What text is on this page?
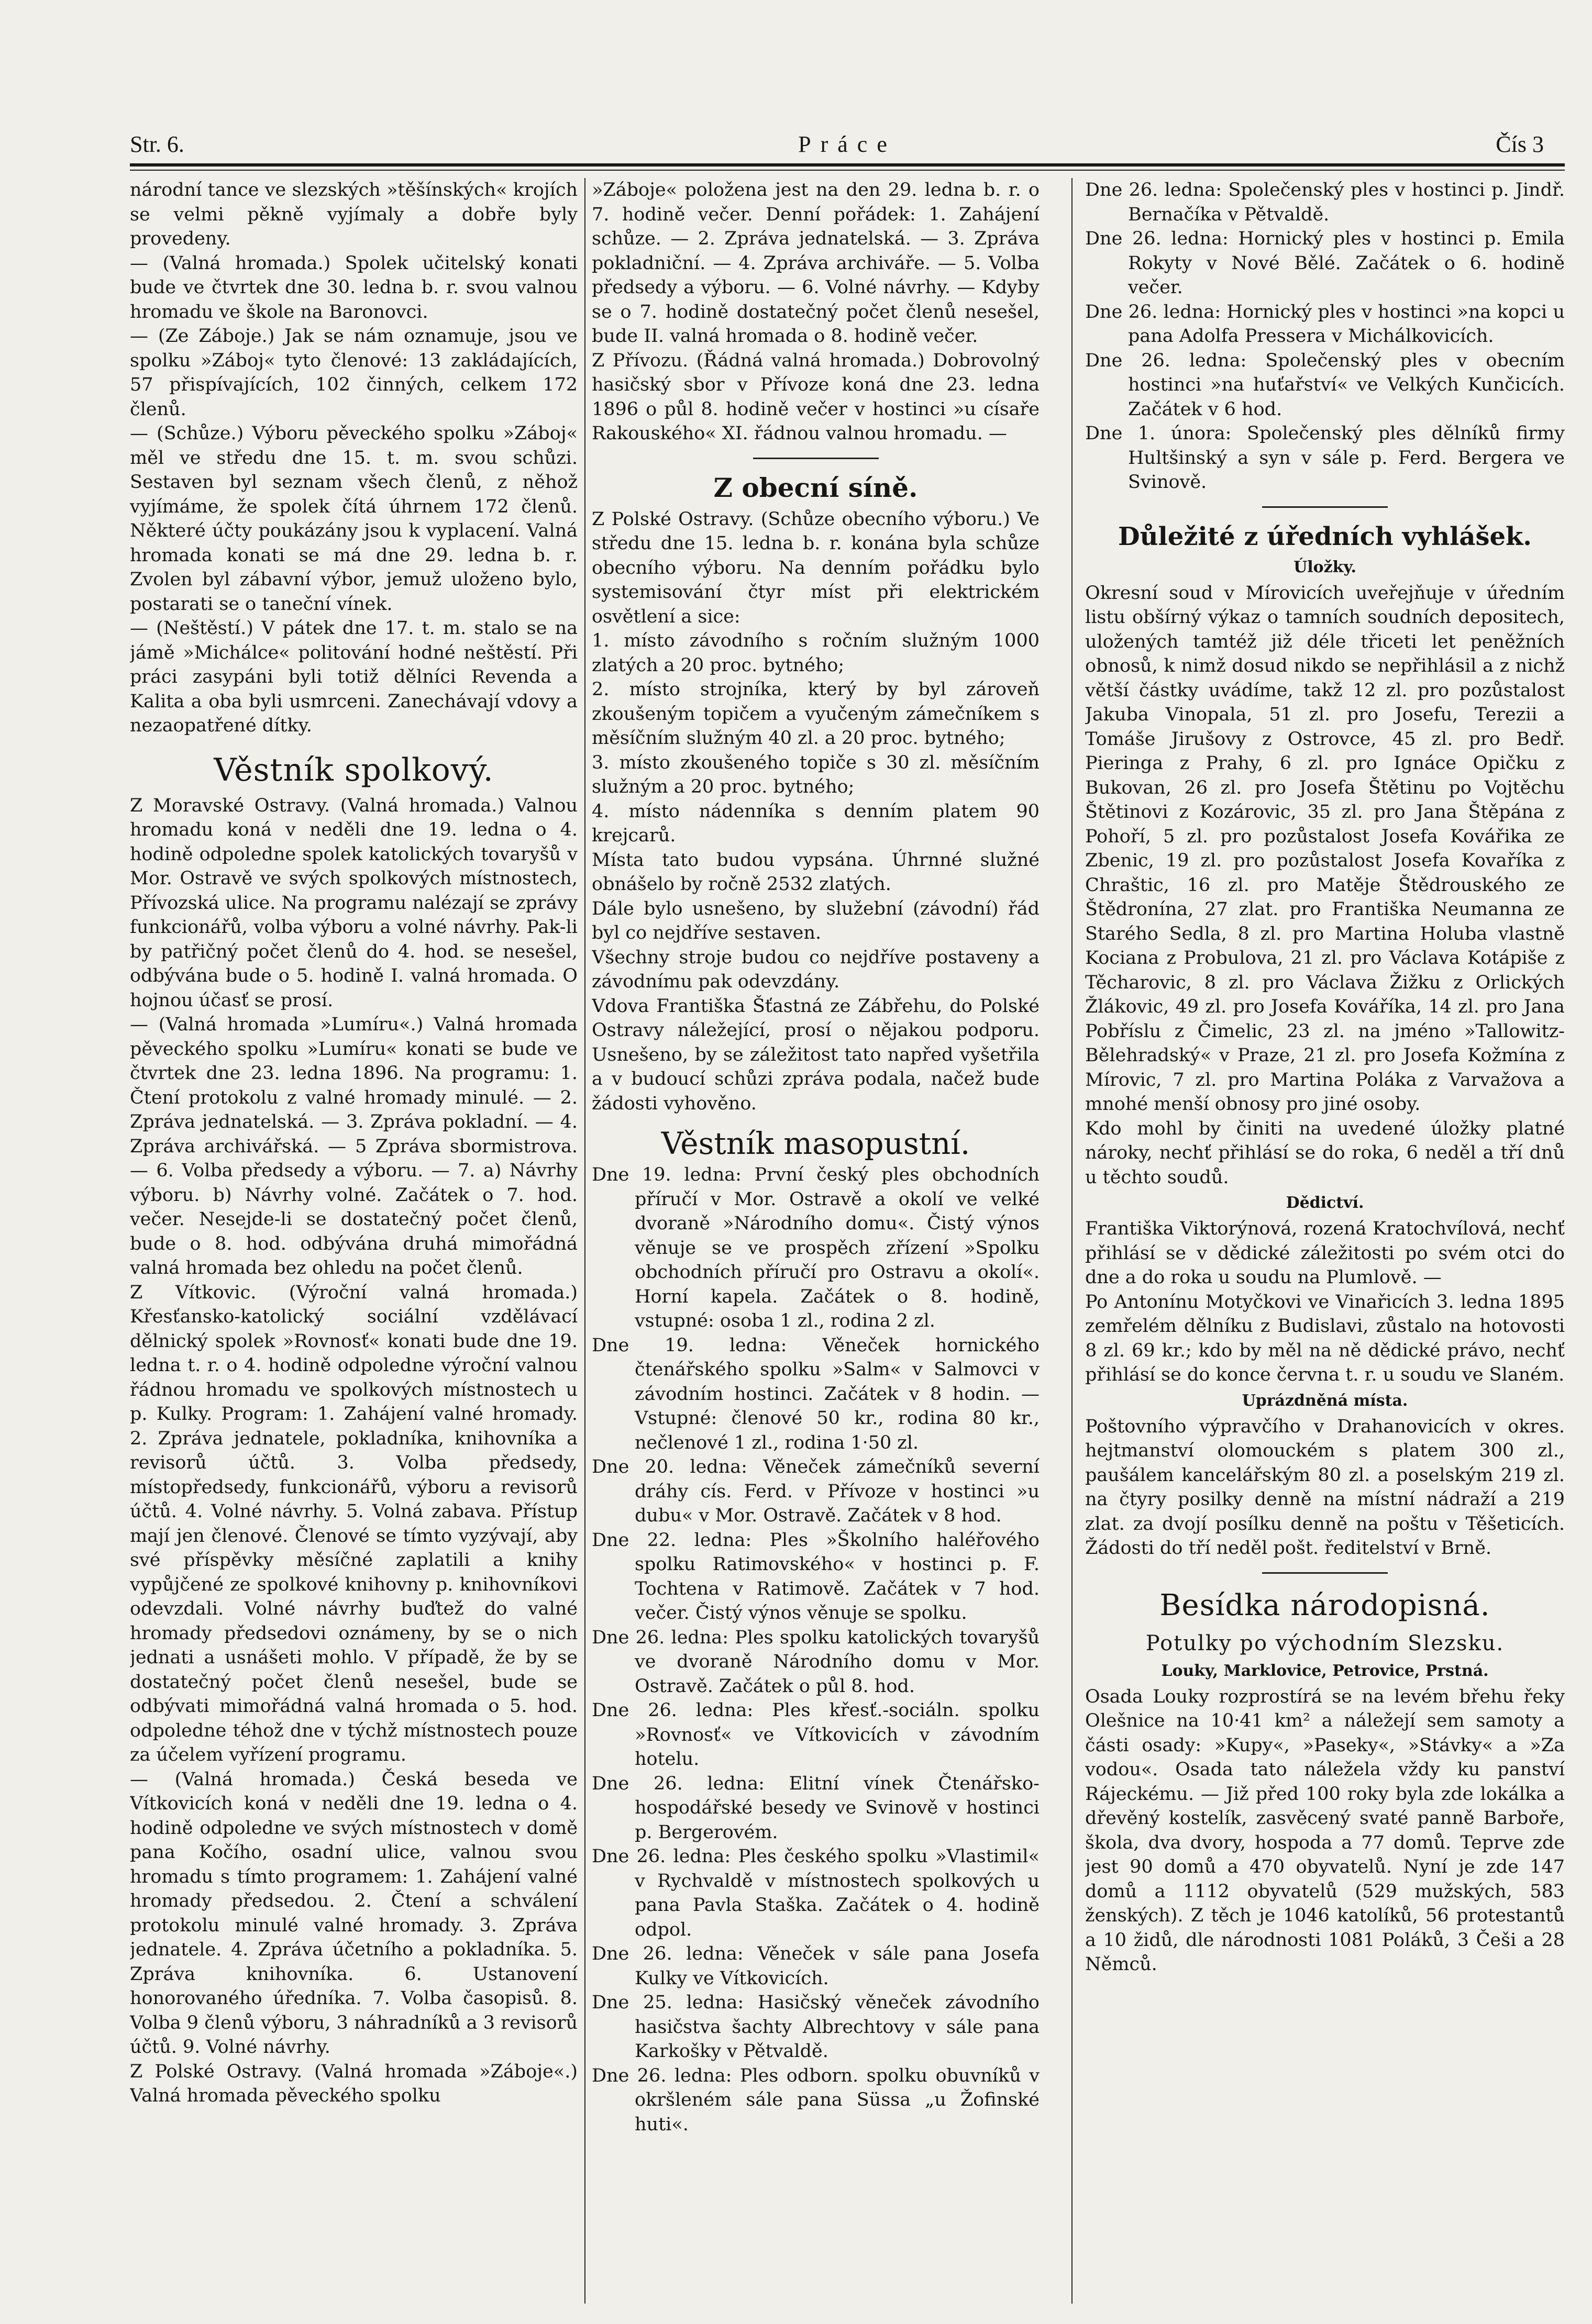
Str. 6.	Práce	Čís 3

národní tance ve slezských »těšínských« krojích se velmi pěkně vyjímaly a dobře byly provedeny.

— (Valná hromada.) Spolek učitelský konati bude ve čtvrtek dne 30. ledna b. r. svou valnou hromadu ve škole na Baronovci.

— (Ze Záboje.) Jak se nám oznamuje, jsou ve spolku »Záboj« tyto členové: 13 zakládajících, 57 přispívajících, 102 činných, celkem 172 členů.

— (Schůze.) Výboru pěveckého spolku »Záboj« měl ve středu dne 15. t. m. svou schůzi. Sestaven byl seznam všech členů, z něhož vyjímáme, že spolek čítá úhrnem 172 členů. Některé účty poukázány jsou k vyplacení. Valná hromada konati se má dne 29. ledna b. r. Zvolen byl zábavní výbor, jemuž uloženo bylo, postarati se o taneční vínek.

— (Neštěstí.) V pátek dne 17. t. m. stalo se na jámě »Michálce« politování hodné neštěstí. Při práci zasypáni byli totiž dělníci Revenda a Kalita a oba byli usmrceni. Zanechávají vdovy a nezaopatřené dítky.

Věstník spolkový.

Z Moravské Ostravy. (Valná hromada.) Valnou hromadu koná v neděli dne 19. ledna o 4. hodině odpoledne spolek katolických tovaryšů v Mor. Ostravě ve svých spolkových místnostech, Přívozská ulice. Na programu nalézají se zprávy funkcionářů, volba výboru a volné návrhy. Pak-li by patřičný počet členů do 4. hod. se nesešel, odbývána bude o 5. hodině I. valná hromada. O hojnou účasť se prosí.

— (Valná hromada »Lumíru«.) Valná hromada pěveckého spolku »Lumíru« konati se bude ve čtvrtek dne 23. ledna 1896. Na programu: 1. Čtení protokolu z valné hromady minulé. — 2. Zpráva jednatelská. — 3. Zpráva pokladní. — 4. Zpráva archivářská. — 5 Zpráva sbormistrova. — 6. Volba předsedy a výboru. — 7. a) Návrhy výboru. b) Návrhy volné. Začátek o 7. hod. večer. Nesejde-li se dostatečný počet členů, bude o 8. hod. odbývána druhá mimořádná valná hromada bez ohledu na počet členů.

Z Vítkovic. (Výroční valná hromada.) Křesťansko-katolický sociální vzdělávací dělnický spolek »Rovnosť« konati bude dne 19. ledna t. r. o 4. hodině odpoledne výroční valnou řádnou hromadu ve spolkových místnostech u p. Kulky. Program: 1. Zahájení valné hromady. 2. Zpráva jednatele, pokladníka, knihovníka a revisorů účtů. 3. Volba předsedy, místopředsedy, funkcionářů, výboru a revisorů účtů. 4. Volné návrhy. 5. Volná zabava. Přístup mají jen členové. Členové se tímto vyzývají, aby své příspěvky měsíčné zaplatili a knihy vypůjčené ze spolkové knihovny p. knihovníkovi odevzdali. Volné návrhy buďtež do valné hromady předsedovi oznámeny, by se o nich jednati a usnášeti mohlo. V případě, že by se dostatečný počet členů nesešel, bude se odbývati mimořádná valná hromada o 5. hod. odpoledne téhož dne v týchž místnostech pouze za účelem vyřízení programu.

— (Valná hromada.) Česká beseda ve Vítkovicích koná v neděli dne 19. ledna o 4. hodině odpoledne ve svých místnostech v domě pana Kočího, osadní ulice, valnou svou hromadu s tímto programem: 1. Zahájení valné hromady předsedou. 2. Čtení a schválení protokolu minulé valné hromady. 3. Zpráva jednatele. 4. Zpráva účetního a pokladníka. 5. Zpráva knihovníka. 6. Ustanovení honorovaného úředníka. 7. Volba časopisů. 8. Volba 9 členů výboru, 3 náhradníků a 3 revisorů účtů. 9. Volné návrhy.

Z Polské Ostravy. (Valná hromada »Záboje«.) Valná hromada pěveckého spolku

»Záboje« položena jest na den 29. ledna b. r. o 7. hodině večer. Denní pořádek: 1. Zahájení schůze. — 2. Zpráva jednatelská. — 3. Zpráva pokladniční. — 4. Zpráva archiváře. — 5. Volba předsedy a výboru. — 6. Volné návrhy. — Kdyby se o 7. hodině dostatečný počet členů nesešel, bude II. valná hromada o 8. hodině večer.

Z Přívozu. (Řádná valná hromada.) Dobrovolný hasičský sbor v Přívoze koná dne 23. ledna 1896 o půl 8. hodině večer v hostinci »u císaře Rakouského« XI. řádnou valnou hromadu. —

Z obecní síně.

Z Polské Ostravy. (Schůze obecního výboru.) Ve středu dne 15. ledna b. r. konána byla schůze obecního výboru. Na denním pořádku bylo systemisování čtyr míst při elektrickém osvětlení a sice:

1. místo závodního s ročním služným 1000 zlatých a 20 proc. bytného;

2. místo strojníka, který by byl zároveň zkoušeným topičem a vyučeným zámečníkem s měsíčním služným 40 zl. a 20 proc. bytného;

3. místo zkoušeného topiče s 30 zl. měsíčním služným a 20 proc. bytného;

4. místo nádenníka s denním platem 90 krejcarů.

Místa tato budou vypsána. Úhrnné služné obnášelo by ročně 2532 zlatých.

Dále bylo usnešeno, by služební (závodní) řád byl co nejdříve sestaven.

Všechny stroje budou co nejdříve postaveny a závodnímu pak odevzdány.

Vdova Františka Šťastná ze Zábřehu, do Polské Ostravy náležející, prosí o nějakou podporu. Usnešeno, by se záležitost tato napřed vyšetřila a v budoucí schůzi zpráva podala, načež bude žádosti vyhověno.

Věstník masopustní.

Dne 19. ledna: První český ples obchodních příručí v Mor. Ostravě a okolí ve velké dvoraně »Národního domu«. Čistý výnos věnuje se ve prospěch zřízení »Spolku obchodních příručí pro Ostravu a okolí«. Horní kapela. Začátek o 8. hodině, vstupné: osoba 1 zl., rodina 2 zl.

Dne 19. ledna: Věneček hornického čtenářského spolku »Salm« v Salmovci v závodním hostinci. Začátek v 8 hodin. — Vstupné: členové 50 kr., rodina 80 kr., nečlenové 1 zl., rodina 1·50 zl.

Dne 20. ledna: Věneček zámečníků severní dráhy cís. Ferd. v Přívoze v hostinci »u dubu« v Mor. Ostravě. Začátek v 8 hod.

Dne 22. ledna: Ples »Školního haléřového spolku Ratimovského« v hostinci p. F. Tochtena v Ratimově. Začátek v 7 hod. večer. Čistý výnos věnuje se spolku.

Dne 26. ledna: Ples spolku katolických tovaryšů ve dvoraně Národního domu v Mor. Ostravě. Začátek o půl 8. hod.

Dne 26. ledna: Ples křesť.-sociáln. spolku »Rovnosť« ve Vítkovicích v závodním hotelu.

Dne 26. ledna: Elitní vínek Čtenářsko-hospodářské besedy ve Svinově v hostinci p. Bergerovém.

Dne 26. ledna: Ples českého spolku »Vlastimil« v Rychvaldě v místnostech spolkových u pana Pavla Staška. Začátek o 4. hodině odpol.

Dne 26. ledna: Věneček v sále pana Josefa Kulky ve Vítkovicích.

Dne 25. ledna: Hasičský věneček závodního hasičstva šachty Albrechtovy v sále pana Karkošky v Pětvaldě.

Dne 26. ledna: Ples odborn. spolku obuvníků v okršleném sále pana Süssa „u Žofinské huti«.

Dne 26. ledna: Společenský ples v hostinci p. Jindř. Bernačíka v Pětvaldě.

Dne 26. ledna: Hornický ples v hostinci p. Emila Rokyty v Nové Bělé. Začátek o 6. hodině večer.

Dne 26. ledna: Hornický ples v hostinci »na kopci u pana Adolfa Pressera v Michálkovicích.

Dne 26. ledna: Společenský ples v obecním hostinci »na huťařství« ve Velkých Kunčicích. Začátek v 6 hod.

Dne 1. února: Společenský ples dělníků firmy Hultšinský a syn v sále p. Ferd. Bergera ve Svinově.

Důležité z úředních vyhlášek.
Úložky.

Okresní soud v Mírovicích uveřejňuje v úředním listu obšírný výkaz o tamních soudních depositech, uložených tamtéž již déle třiceti let peněžních obnosů, k nimž dosud nikdo se nepřihlásil a z nichž větší částky uvádíme, takž 12 zl. pro pozůstalost Jakuba Vinopala, 51 zl. pro Josefu, Terezii a Tomáše Jirušovy z Ostrovce, 45 zl. pro Bedř. Pieringa z Prahy, 6 zl. pro Ignáce Opičku z Bukovan, 26 zl. pro Josefa Štětinu po Vojtěchu Štětinovi z Kozárovic, 35 zl. pro Jana Štěpána z Pohoří, 5 zl. pro pozůstalost Josefa Kovářika ze Zbenic, 19 zl. pro pozůstalost Josefa Kovaříka z Chraštic, 16 zl. pro Matěje Štědrouského ze Štědronína, 27 zlat. pro Františka Neumanna ze Starého Sedla, 8 zl. pro Martina Holuba vlastně Kociana z Probulova, 21 zl. pro Václava Kotápiše z Těcharovic, 8 zl. pro Václava Žižku z Orlických Žlákovic, 49 zl. pro Josefa Kováříka, 14 zl. pro Jana Pobříslu z Čimelic, 23 zl. na jméno »Tallowitz-Bělehradský« v Praze, 21 zl. pro Josefa Kožmína z Mírovic, 7 zl. pro Martina Poláka z Varvažova a mnohé menší obnosy pro jiné osoby.

Kdo mohl by činiti na uvedené úložky platné nároky, nechť přihlásí se do roka, 6 neděl a tří dnů u těchto soudů.

Dědictví.

Františka Viktorýnová, rozená Kratochvílová, nechť přihlásí se v dědické záležitosti po svém otci do dne a do roka u soudu na Plumlově. —

Po Antonínu Motyčkovi ve Vinařicích 3. ledna 1895 zemřelém dělníku z Budislavi, zůstalo na hotovosti 8 zl. 69 kr.; kdo by měl na ně dědické právo, nechť přihlásí se do konce června t. r. u soudu ve Slaném.

Uprázdněná místa.

Poštovního výpravčího v Drahanovicích v okres. hejtmanství olomouckém s platem 300 zl., paušálem kancelářským 80 zl. a poselským 219 zl. na čtyry posilky denně na místní nádraží a 219 zlat. za dvojí posílku denně na poštu v Těšeticích. Žádosti do tří neděl pošt. ředitelství v Brně.

Besídka národopisná.
Potulky po východním Slezsku.
Louky, Marklovice, Petrovice, Prstná.

Osada Louky rozprostírá se na levém břehu řeky Olešnice na 10·41 km² a náležejí sem samoty a části osady: »Kupy«, »Paseky«, »Stávky« a »Za vodou«. Osada tato náležela vždy ku panství Rájeckému. — Již před 100 roky byla zde lokálka a dřevěný kostelík, zasvěcený svaté panně Barboře, škola, dva dvory, hospoda a 77 domů. Teprve zde jest 90 domů a 470 obyvatelů. Nyní je zde 147 domů a 1112 obyvatelů (529 mužských, 583 ženských). Z těch je 1046 katolíků, 56 protestantů a 10 židů, dle národnosti 1081 Poláků, 3 Češi a 28 Němců.
